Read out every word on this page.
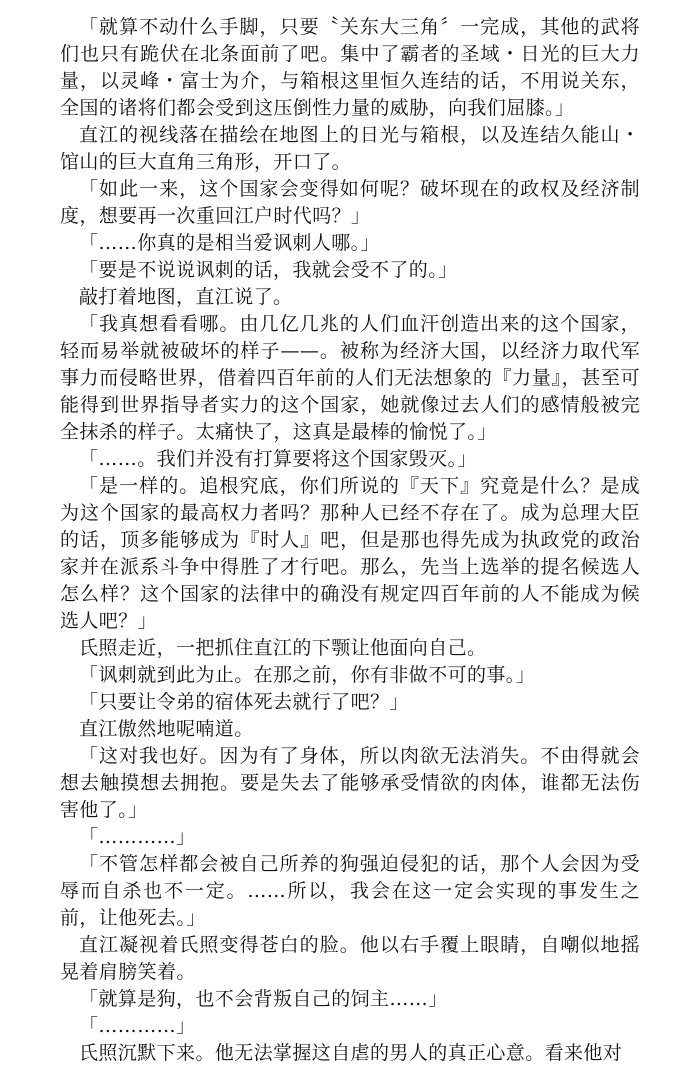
「就算不动什么手脚，只要〝关东大三角〞一完成，其他的武将们也只有跪伏在北条面前了吧。集中了霸者的圣域・日光的巨大力量，以灵峰・富士为介，与箱根这里恒久连结的话，不用说关东，全国的诸将们都会受到这压倒性力量的威胁，向我们屈膝。」

直江的视线落在描绘在地图上的日光与箱根，以及连结久能山・馆山的巨大直角三角形，开口了。

「如此一来，这个国家会变得如何呢？破坏现在的政权及经济制度，想要再一次重回江户时代吗？」

「……你真的是相当爱讽刺人哪。」

「要是不说说讽刺的话，我就会受不了的。」

敲打着地图，直江说了。

「我真想看看哪。由几亿几兆的人们血汗创造出来的这个国家，轻而易举就被破坏的样子——。被称为经济大国，以经济力取代军事力而侵略世界，借着四百年前的人们无法想象的『力量』，甚至可能得到世界指导者实力的这个国家，她就像过去人们的感情般被完全抹杀的样子。太痛快了，这真是最棒的愉悦了。」

「……。我们并没有打算要将这个国家毁灭。」

「是一样的。追根究底，你们所说的『天下』究竟是什么？是成为这个国家的最高权力者吗？那种人已经不存在了。成为总理大臣的话，顶多能够成为『时人』吧，但是那也得先成为执政党的政治家并在派系斗争中得胜了才行吧。那么，先当上选举的提名候选人怎么样？这个国家的法律中的确没有规定四百年前的人不能成为候选人吧？」

氏照走近，一把抓住直江的下颚让他面向自己。

「讽刺就到此为止。在那之前，你有非做不可的事。」

「只要让令弟的宿体死去就行了吧？」

直江傲然地呢喃道。

「这对我也好。因为有了身体，所以肉欲无法消失。不由得就会想去触摸想去拥抱。要是失去了能够承受情欲的肉体，谁都无法伤害他了。」

「…………」

「不管怎样都会被自己所养的狗强迫侵犯的话，那个人会因为受辱而自杀也不一定。……所以，我会在这一定会实现的事发生之前，让他死去。」

直江凝视着氏照变得苍白的脸。他以右手覆上眼睛，自嘲似地摇晃着肩膀笑着。

「就算是狗，也不会背叛自己的饲主……」

「…………」

氏照沉默下来。他无法掌握这自虐的男人的真正心意。看来他对
